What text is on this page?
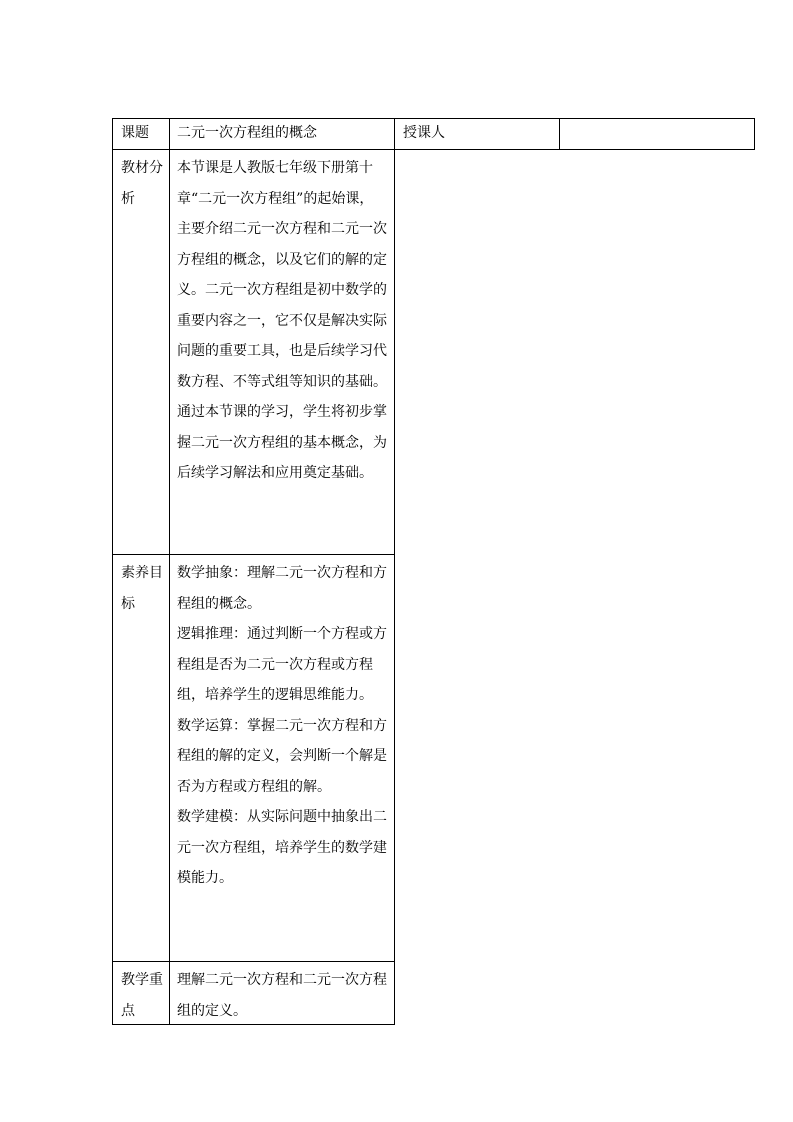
课题	二元一次方程组的概念	授课人
教材分析

本节课是人教版七年级下册第十章“二元一次方程组”的起始课，主要介绍二元一次方程和二元一次方程组的概念，以及它们的解的定义。二元一次方程组是初中数学的重要内容之一，它不仅是解决实际问题的重要工具，也是后续学习代数方程、不等式组等知识的基础。通过本节课的学习，学生将初步掌握二元一次方程组的基本概念，为后续学习解法和应用奠定基础。

素养目标

数学抽象：理解二元一次方程和方程组的概念。

逻辑推理：通过判断一个方程或方程组是否为二元一次方程或方程组，培养学生的逻辑思维能力。

数学运算：掌握二元一次方程和方程组的解的定义，会判断一个解是否为方程或方程组的解。

数学建模：从实际问题中抽象出二元一次方程组，培养学生的数学建模能力。

教学重点

理解二元一次方程和二元一次方程组的定义。
